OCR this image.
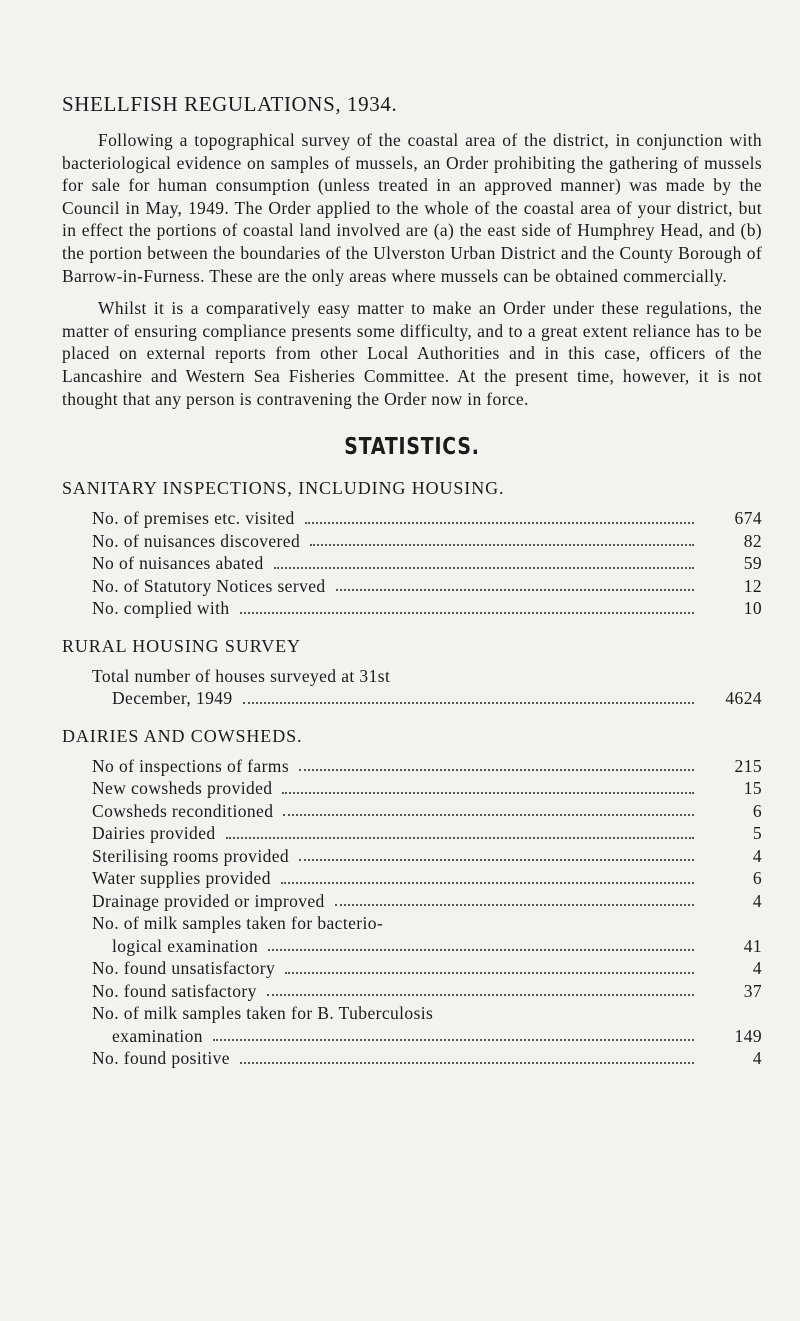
SHELLFISH REGULATIONS, 1934.

Following a topographical survey of the coastal area of the district, in conjunction with bacteriological evidence on samples of mussels, an Order prohibiting the gathering of mussels for sale for human consumption (unless treated in an approved manner) was made by the Council in May, 1949. The Order applied to the whole of the coastal area of your district, but in effect the portions of coastal land involved are (a) the east side of Humphrey Head, and (b) the portion between the boundaries of the Ulverston Urban District and the County Borough of Barrow-in-Furness. These are the only areas where mussels can be obtained commercially.

Whilst it is a comparatively easy matter to make an Order under these regulations, the matter of ensuring compliance presents some difficulty, and to a great extent reliance has to be placed on external reports from other Local Authorities and in this case, officers of the Lancashire and Western Sea Fisheries Committee. At the present time, however, it is not thought that any person is contravening the Order now in force.

STATISTICS.
SANITARY INSPECTIONS, INCLUDING HOUSING.
No. of premises etc. visited	674
No. of nuisances discovered	82
No of nuisances abated	59
No. of Statutory Notices served	12
No. complied with	10
RURAL HOUSING SURVEY
Total number of houses surveyed at 31st
December, 1949	4624
DAIRIES AND COWSHEDS.
No of inspections of farms	215
New cowsheds provided	15
Cowsheds reconditioned	6
Dairies provided	5
Sterilising rooms provided	4
Water supplies provided	6
Drainage provided or improved	4
No. of milk samples taken for bacterio-
logical examination	41
No. found unsatisfactory	4
No. found satisfactory	37
No. of milk samples taken for B. Tuberculosis
examination	149
No. found positive	4
